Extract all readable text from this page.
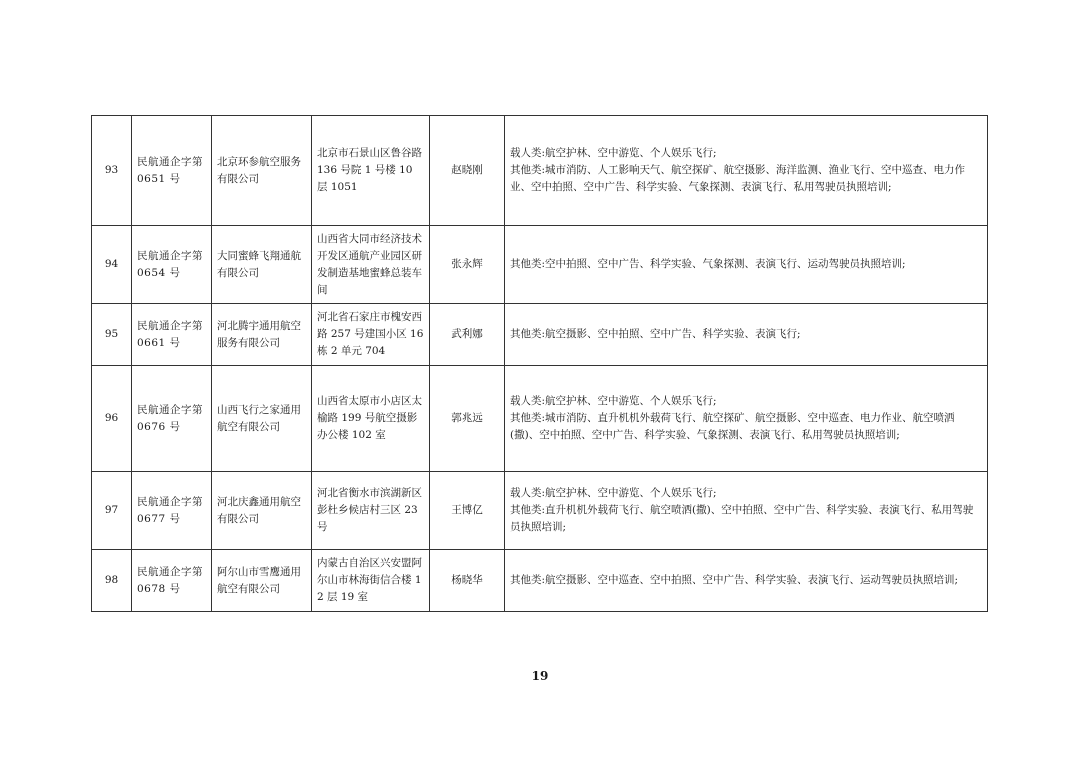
93	民航通企字第 0651 号	北京环参航空服务有限公司	北京市石景山区鲁谷路 136 号院 1 号楼 10 层 1051	赵晓刚	载人类:航空护林、空中游览、个人娱乐飞行;
其他类:城市消防、人工影响天气、航空探矿、航空摄影、海洋监测、渔业飞行、空中巡查、电力作业、空中拍照、空中广告、科学实验、气象探测、表演飞行、私用驾驶员执照培训;

94	民航通企字第 0654 号	大同蜜蜂飞翔通航有限公司	山西省大同市经济技术开发区通航产业园区研发制造基地蜜蜂总装车间	张永辉	其他类:空中拍照、空中广告、科学实验、气象探测、表演飞行、运动驾驶员执照培训;

95	民航通企字第 0661 号	河北腾宇通用航空服务有限公司	河北省石家庄市槐安西路 257 号建国小区 16 栋 2 单元 704	武利娜	其他类:航空摄影、空中拍照、空中广告、科学实验、表演飞行;

96	民航通企字第 0676 号	山西飞行之家通用航空有限公司	山西省太原市小店区太榆路 199 号航空摄影办公楼 102 室	郭兆远	载人类:航空护林、空中游览、个人娱乐飞行;
其他类:城市消防、直升机机外载荷飞行、航空探矿、航空摄影、空中巡查、电力作业、航空喷洒(撒)、空中拍照、空中广告、科学实验、气象探测、表演飞行、私用驾驶员执照培训;

97	民航通企字第 0677 号	河北庆鑫通用航空有限公司	河北省衡水市滨湖新区彭杜乡候店村三区 23 号	王博亿	载人类:航空护林、空中游览、个人娱乐飞行;
其他类:直升机机外载荷飞行、航空喷洒(撒)、空中拍照、空中广告、科学实验、表演飞行、私用驾驶员执照培训;

98	民航通企字第 0678 号	阿尔山市雪鹰通用航空有限公司	内蒙古自治区兴安盟阿尔山市林海街信合楼 12 层 19 室	杨晓华	其他类:航空摄影、空中巡查、空中拍照、空中广告、科学实验、表演飞行、运动驾驶员执照培训;
19
